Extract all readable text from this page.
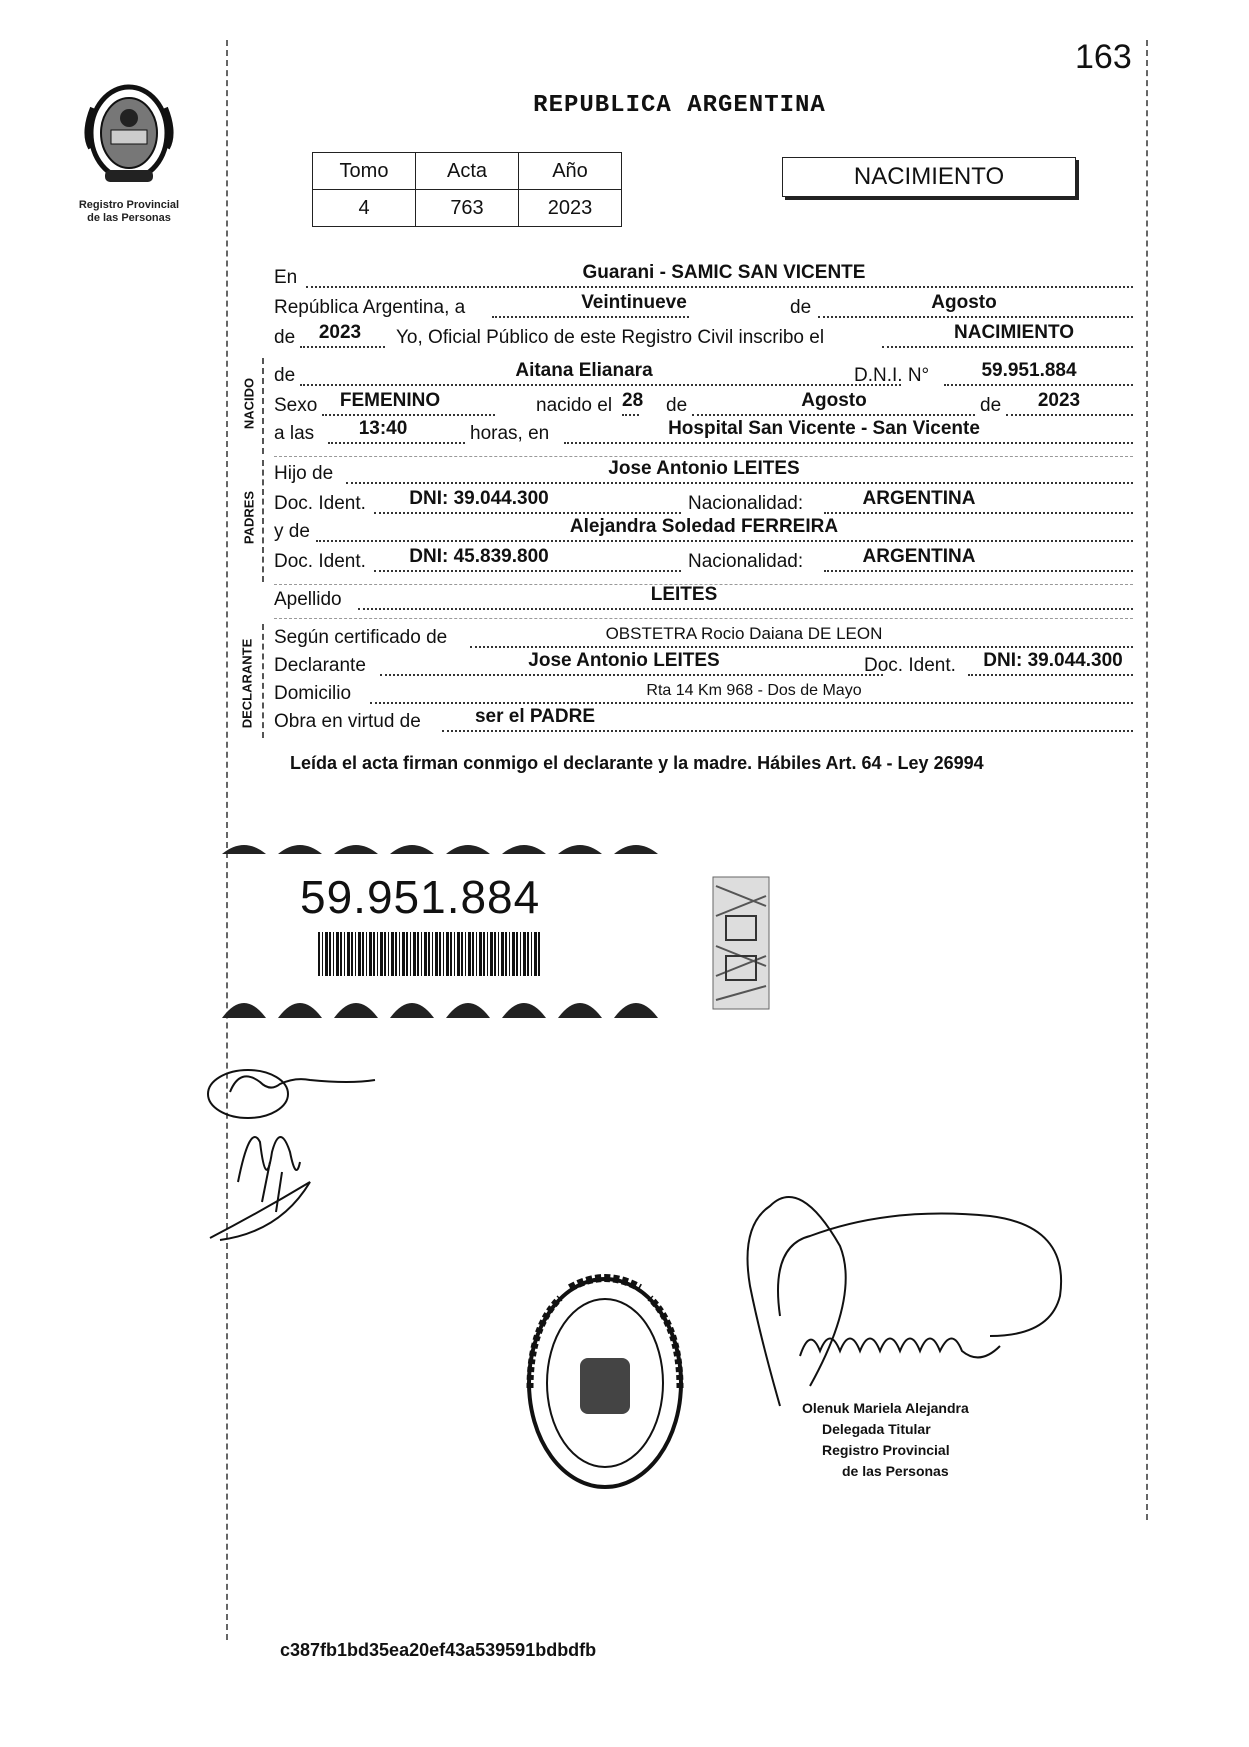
163
Registro Provincial
de las Personas
REPUBLICA ARGENTINA
Tomo	Acta	Año
4	763	2023
NACIMIENTO
En	Guarani - SAMIC SAN VICENTE
República Argentina, a	Veintinueve	de	Agosto
de	2023	Yo, Oficial Público de este Registro Civil inscribo el	NACIMIENTO
NACIDO
de	Aitana Elianara	D.N.I. N°	59.951.884
Sexo	FEMENINO	nacido el 28 de	Agosto	de	2023
a las	13:40	horas, en	Hospital San Vicente - San Vicente
PADRES
Hijo de	Jose Antonio LEITES
Doc. Ident.	DNI: 39.044.300	Nacionalidad:	ARGENTINA
y de	Alejandra Soledad FERREIRA
Doc. Ident.	DNI: 45.839.800	Nacionalidad:	ARGENTINA
Apellido	LEITES
DECLARANTE
Según certificado de	OBSTETRA Rocio Daiana DE LEON
Declarante	Jose Antonio LEITES	Doc. Ident.	DNI: 39.044.300
Domicilio	Rta 14 Km 968 - Dos de Mayo
Obra en virtud de	ser el PADRE
Leída el acta firman conmigo el declarante y la madre. Hábiles Art. 64 - Ley 26994
59.951.884
Olenuk Mariela Alejandra
Delegada Titular
Registro Provincial
de las Personas
c387fb1bd35ea20ef43a539591bdbdfb
